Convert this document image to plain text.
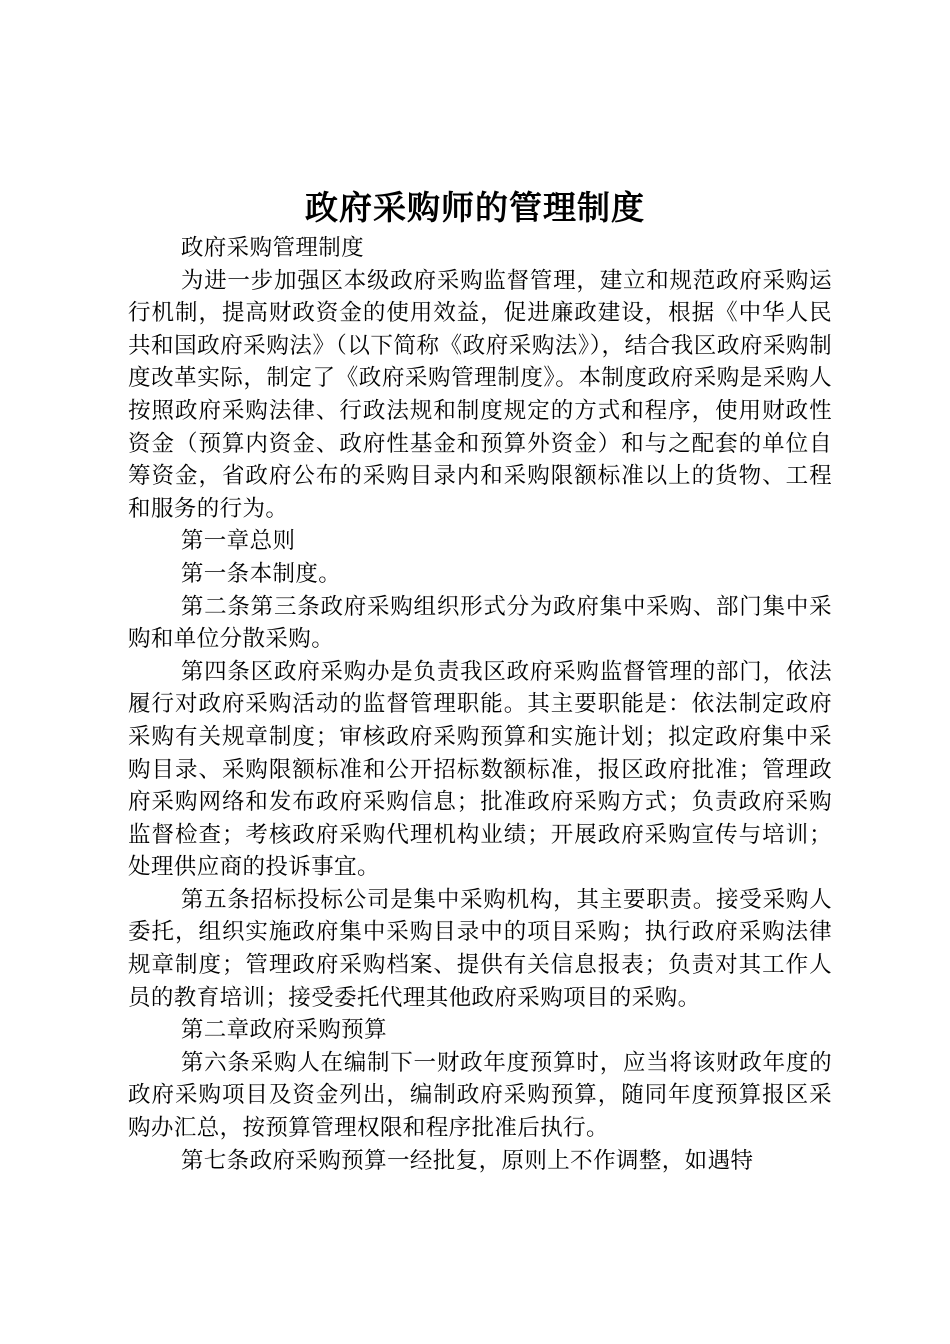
政府采购师的管理制度

政府采购管理制度

为进一步加强区本级政府采购监督管理，建立和规范政府采购运行机制，提高财政资金的使用效益，促进廉政建设，根据《中华人民共和国政府采购法》（以下简称《政府采购法》），结合我区政府采购制度改革实际，制定了《政府采购管理制度》。本制度政府采购是采购人按照政府采购法律、行政法规和制度规定的方式和程序，使用财政性资金（预算内资金、政府性基金和预算外资金）和与之配套的单位自筹资金，省政府公布的采购目录内和采购限额标准以上的货物、工程和服务的行为。

第一章总则

第一条本制度。

第二条第三条政府采购组织形式分为政府集中采购、部门集中采购和单位分散采购。

第四条区政府采购办是负责我区政府采购监督管理的部门，依法履行对政府采购活动的监督管理职能。其主要职能是：依法制定政府采购有关规章制度；审核政府采购预算和实施计划；拟定政府集中采购目录、采购限额标准和公开招标数额标准，报区政府批准；管理政府采购网络和发布政府采购信息；批准政府采购方式；负责政府采购监督检查；考核政府采购代理机构业绩；开展政府采购宣传与培训；处理供应商的投诉事宜。

第五条招标投标公司是集中采购机构，其主要职责。接受采购人委托，组织实施政府集中采购目录中的项目采购；执行政府采购法律规章制度；管理政府采购档案、提供有关信息报表；负责对其工作人员的教育培训；接受委托代理其他政府采购项目的采购。

第二章政府采购预算

第六条采购人在编制下一财政年度预算时，应当将该财政年度的政府采购项目及资金列出，编制政府采购预算，随同年度预算报区采购办汇总，按预算管理权限和程序批准后执行。

第七条政府采购预算一经批复，原则上不作调整，如遇特
